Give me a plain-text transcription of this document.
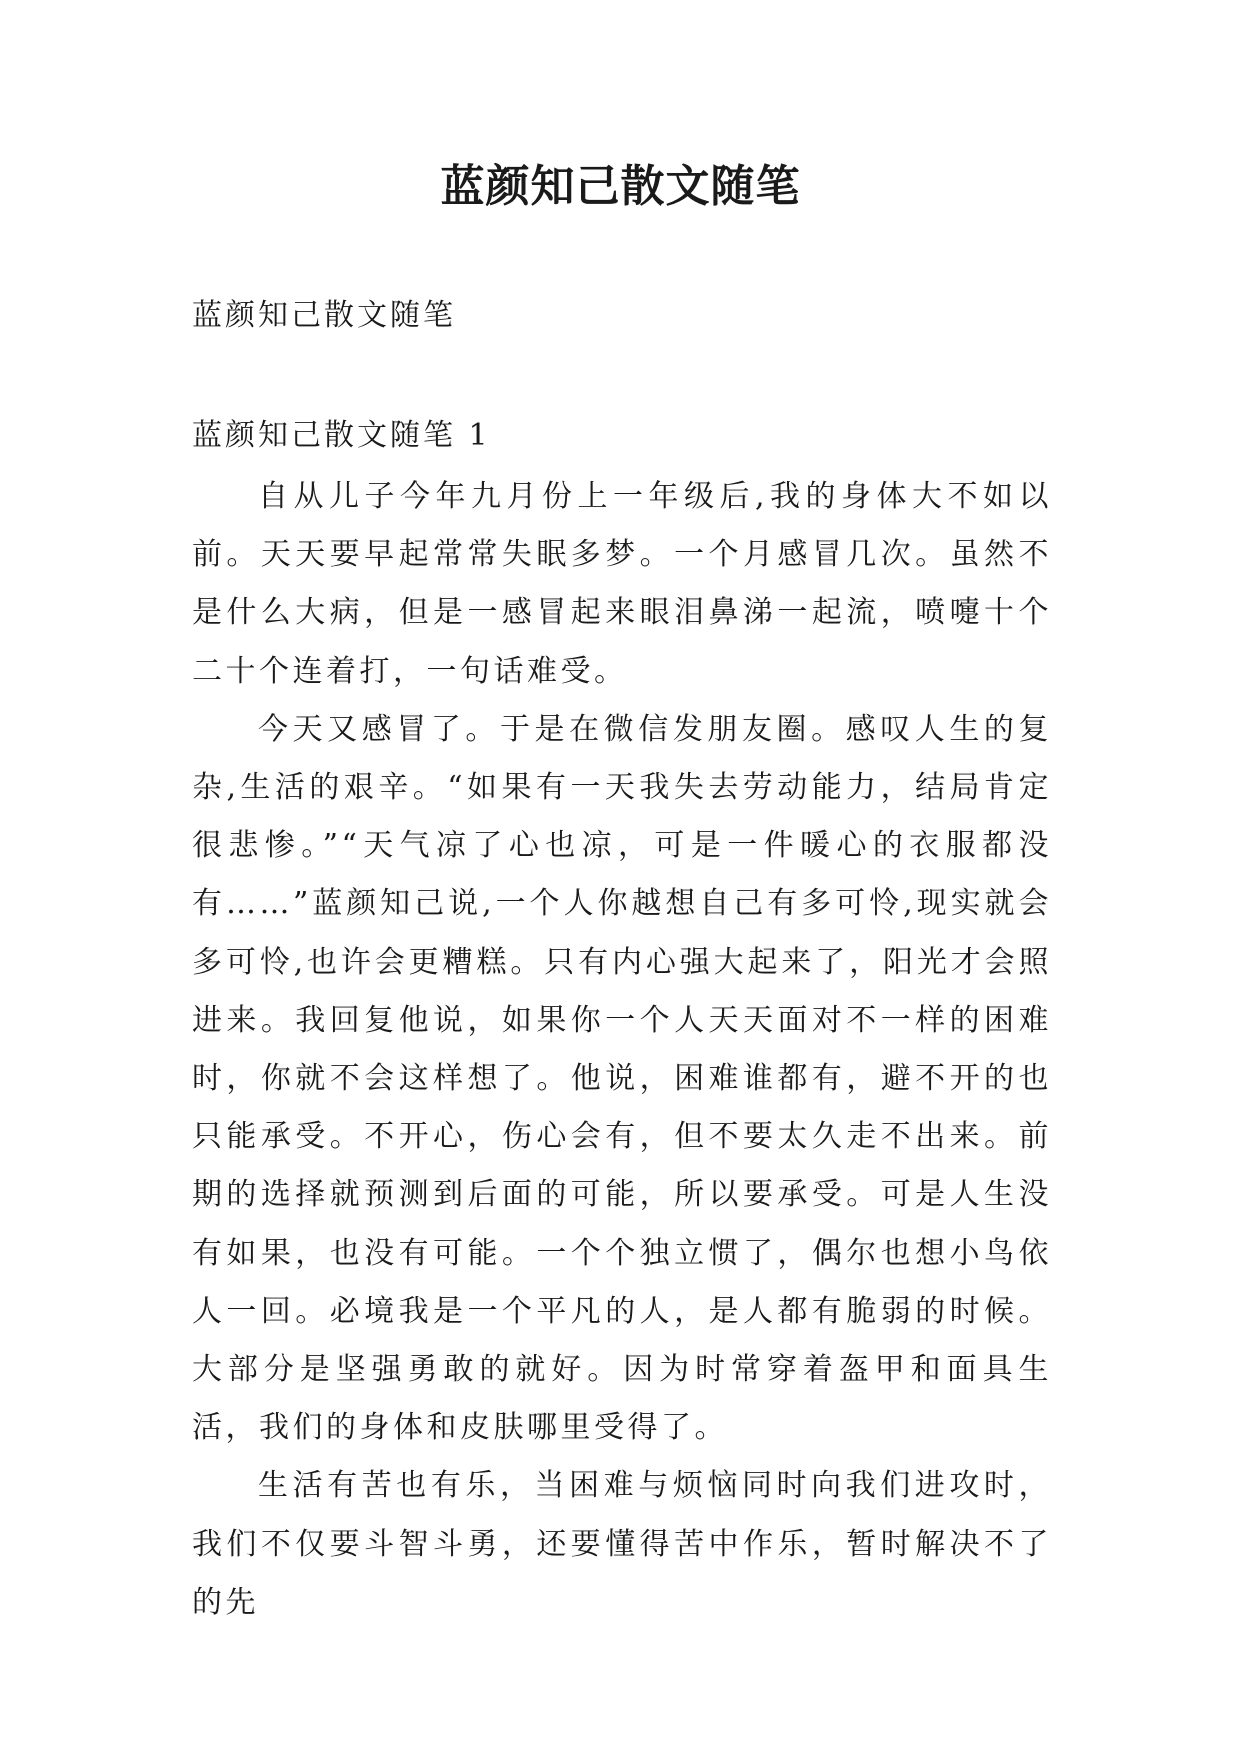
蓝颜知己散文随笔

蓝颜知己散文随笔

蓝颜知己散文随笔 1

自从儿子今年九月份上一年级后,我的身体大不如以前。天天要早起常常失眠多梦。一个月感冒几次。虽然不是什么大病，但是一感冒起来眼泪鼻涕一起流，喷嚏十个二十个连着打，一句话难受。

今天又感冒了。于是在微信发朋友圈。感叹人生的复杂,生活的艰辛。“如果有一天我失去劳动能力，结局肯定很悲惨。”“天气凉了心也凉，可是一件暖心的衣服都没有……”蓝颜知己说,一个人你越想自己有多可怜,现实就会多可怜,也许会更糟糕。只有内心强大起来了，阳光才会照进来。我回复他说，如果你一个人天天面对不一样的困难时，你就不会这样想了。他说，困难谁都有，避不开的也只能承受。不开心，伤心会有，但不要太久走不出来。前期的选择就预测到后面的可能，所以要承受。可是人生没有如果，也没有可能。一个个独立惯了，偶尔也想小鸟依人一回。必境我是一个平凡的人，是人都有脆弱的时候。大部分是坚强勇敢的就好。因为时常穿着盔甲和面具生活，我们的身体和皮肤哪里受得了。

生活有苦也有乐，当困难与烦恼同时向我们进攻时，我们不仅要斗智斗勇，还要懂得苦中作乐，暂时解决不了的先
